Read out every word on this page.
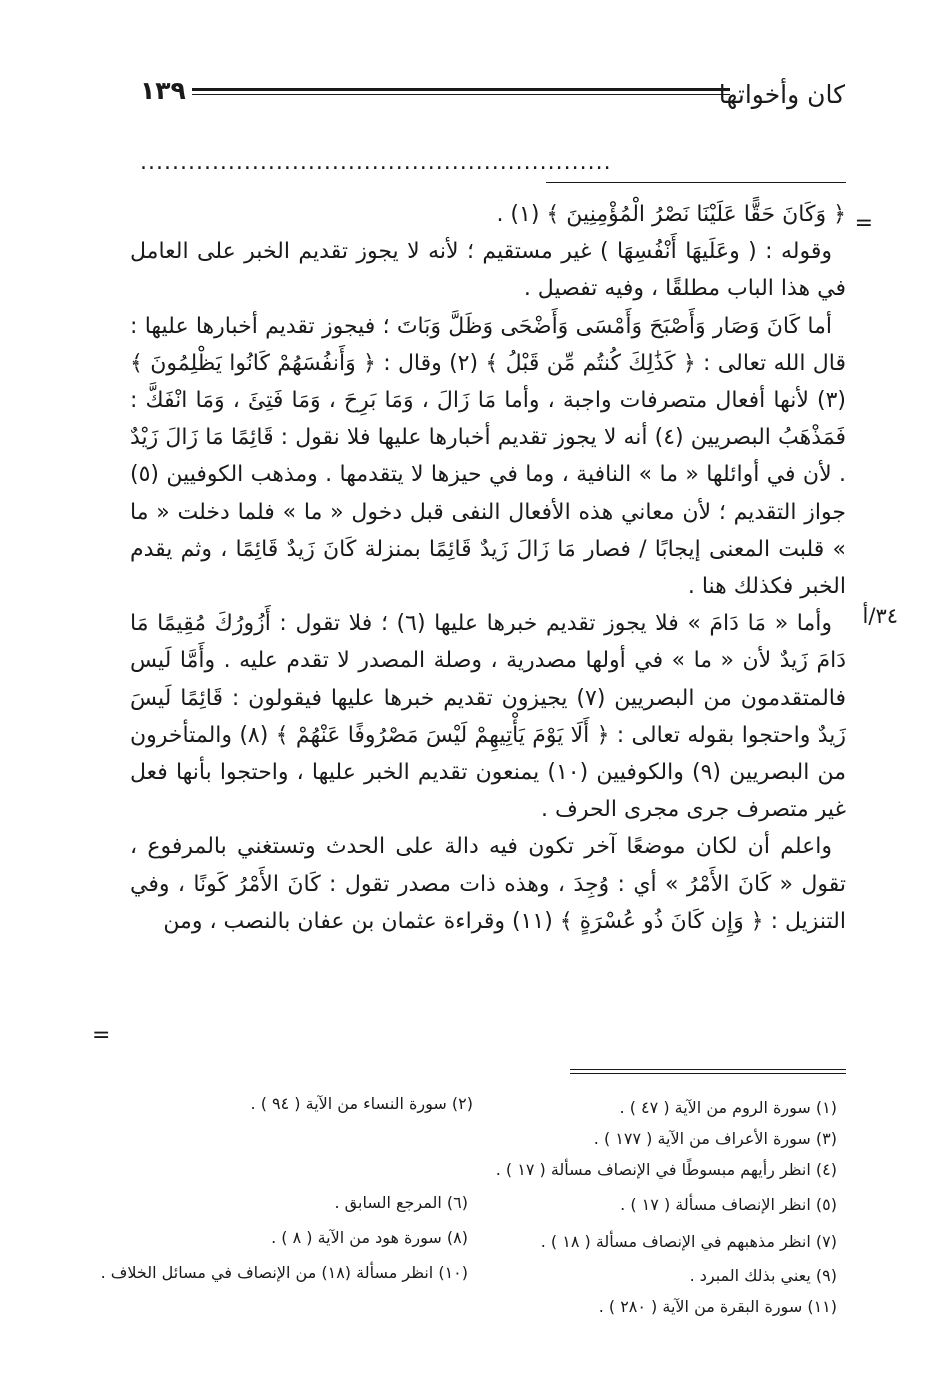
كان وأخواتها
١٣٩
...........................................................
=
٣٤/أ
=

﴿ وَكَانَ حَقًّا عَلَيْنَا نَصْرُ الْمُؤْمِنِينَ ﴾ (١) .

وقوله : ( وعَلَيهَا أَنْفُسِهَا ) غير مستقيم ؛ لأنه لا يجوز تقديم الخبر على العامل في هذا الباب مطلقًا ، وفيه تفصيل .

أما كَانَ وَصَار وَأَصْبَحَ وَأَمْسَى وَأَضْحَى وَظَلَّ وَبَاتَ ؛ فيجوز تقديم أخبارها عليها : قال الله تعالى : ﴿ كَذَٰلِكَ كُنتُم مِّن قَبْلُ ﴾ (٢) وقال : ﴿ وَأَنفُسَهُمْ كَانُوا يَظْلِمُونَ ﴾ (٣) لأنها أفعال متصرفات واجبة ، وأما مَا زَالَ ، وَمَا بَرِحَ ، وَمَا فَتِئَ ، وَمَا انْفَكَّ : فَمَذْهَبُ البصريين (٤) أنه لا يجوز تقديم أخبارها عليها فلا نقول : قَائِمًا مَا زَالَ زَيْدٌ . لأن في أوائلها « ما » النافية ، وما في حيزها لا يتقدمها . ومذهب الكوفيين (٥) جواز التقديم ؛ لأن معاني هذه الأفعال النفى قبل دخول « ما » فلما دخلت « ما » قلبت المعنى إيجابًا / فصار مَا زَالَ زَيدٌ قَائِمًا بمنزلة كَانَ زَيدٌ قَائِمًا ، وثم يقدم الخبر فكذلك هنا .

وأما « مَا دَامَ » فلا يجوز تقديم خبرها عليها (٦) ؛ فلا تقول : أَزُورُكَ مُقِيمًا مَا دَامَ زَيدٌ لأن « ما » في أولها مصدرية ، وصلة المصدر لا تقدم عليه . وأَمَّا لَيس فالمتقدمون من البصريين (٧) يجيزون تقديم خبرها عليها فيقولون : قَائِمًا لَيسَ زَيدٌ واحتجوا بقوله تعالى : ﴿ أَلَا يَوْمَ يَأْتِيهِمْ لَيْسَ مَصْرُوفًا عَنْهُمْ ﴾ (٨) والمتأخرون من البصريين (٩) والكوفيين (١٠) يمنعون تقديم الخبر عليها ، واحتجوا بأنها فعل غير متصرف جرى مجرى الحرف .

واعلم أن لكان موضعًا آخر تكون فيه دالة على الحدث وتستغني بالمرفوع ، تقول « كَانَ الأَمْرُ » أي : وُجِدَ ، وهذه ذات مصدر تقول : كَانَ الأَمْرُ كَونًا ، وفي التنزيل : ﴿ وَإِن كَانَ ذُو عُسْرَةٍ ﴾ (١١) وقراءة عثمان بن عفان بالنصب ، ومن

(١) سورة الروم من الآية ( ٤٧ ) .
(٢) سورة النساء من الآية ( ٩٤ ) .
(٣) سورة الأعراف من الآية ( ١٧٧ ) .
(٤) انظر رأيهم مبسوطًا في الإنصاف مسألة ( ١٧ ) .
(٥) انظر الإنصاف مسألة ( ١٧ ) .
(٦) المرجع السابق .
(٧) انظر مذهبهم في الإنصاف مسألة ( ١٨ ) .
(٨) سورة هود من الآية ( ٨ ) .
(٩) يعني بذلك المبرد .
(١٠) انظر مسألة (١٨) من الإنصاف في مسائل الخلاف .
(١١) سورة البقرة من الآية ( ٢٨٠ ) .
